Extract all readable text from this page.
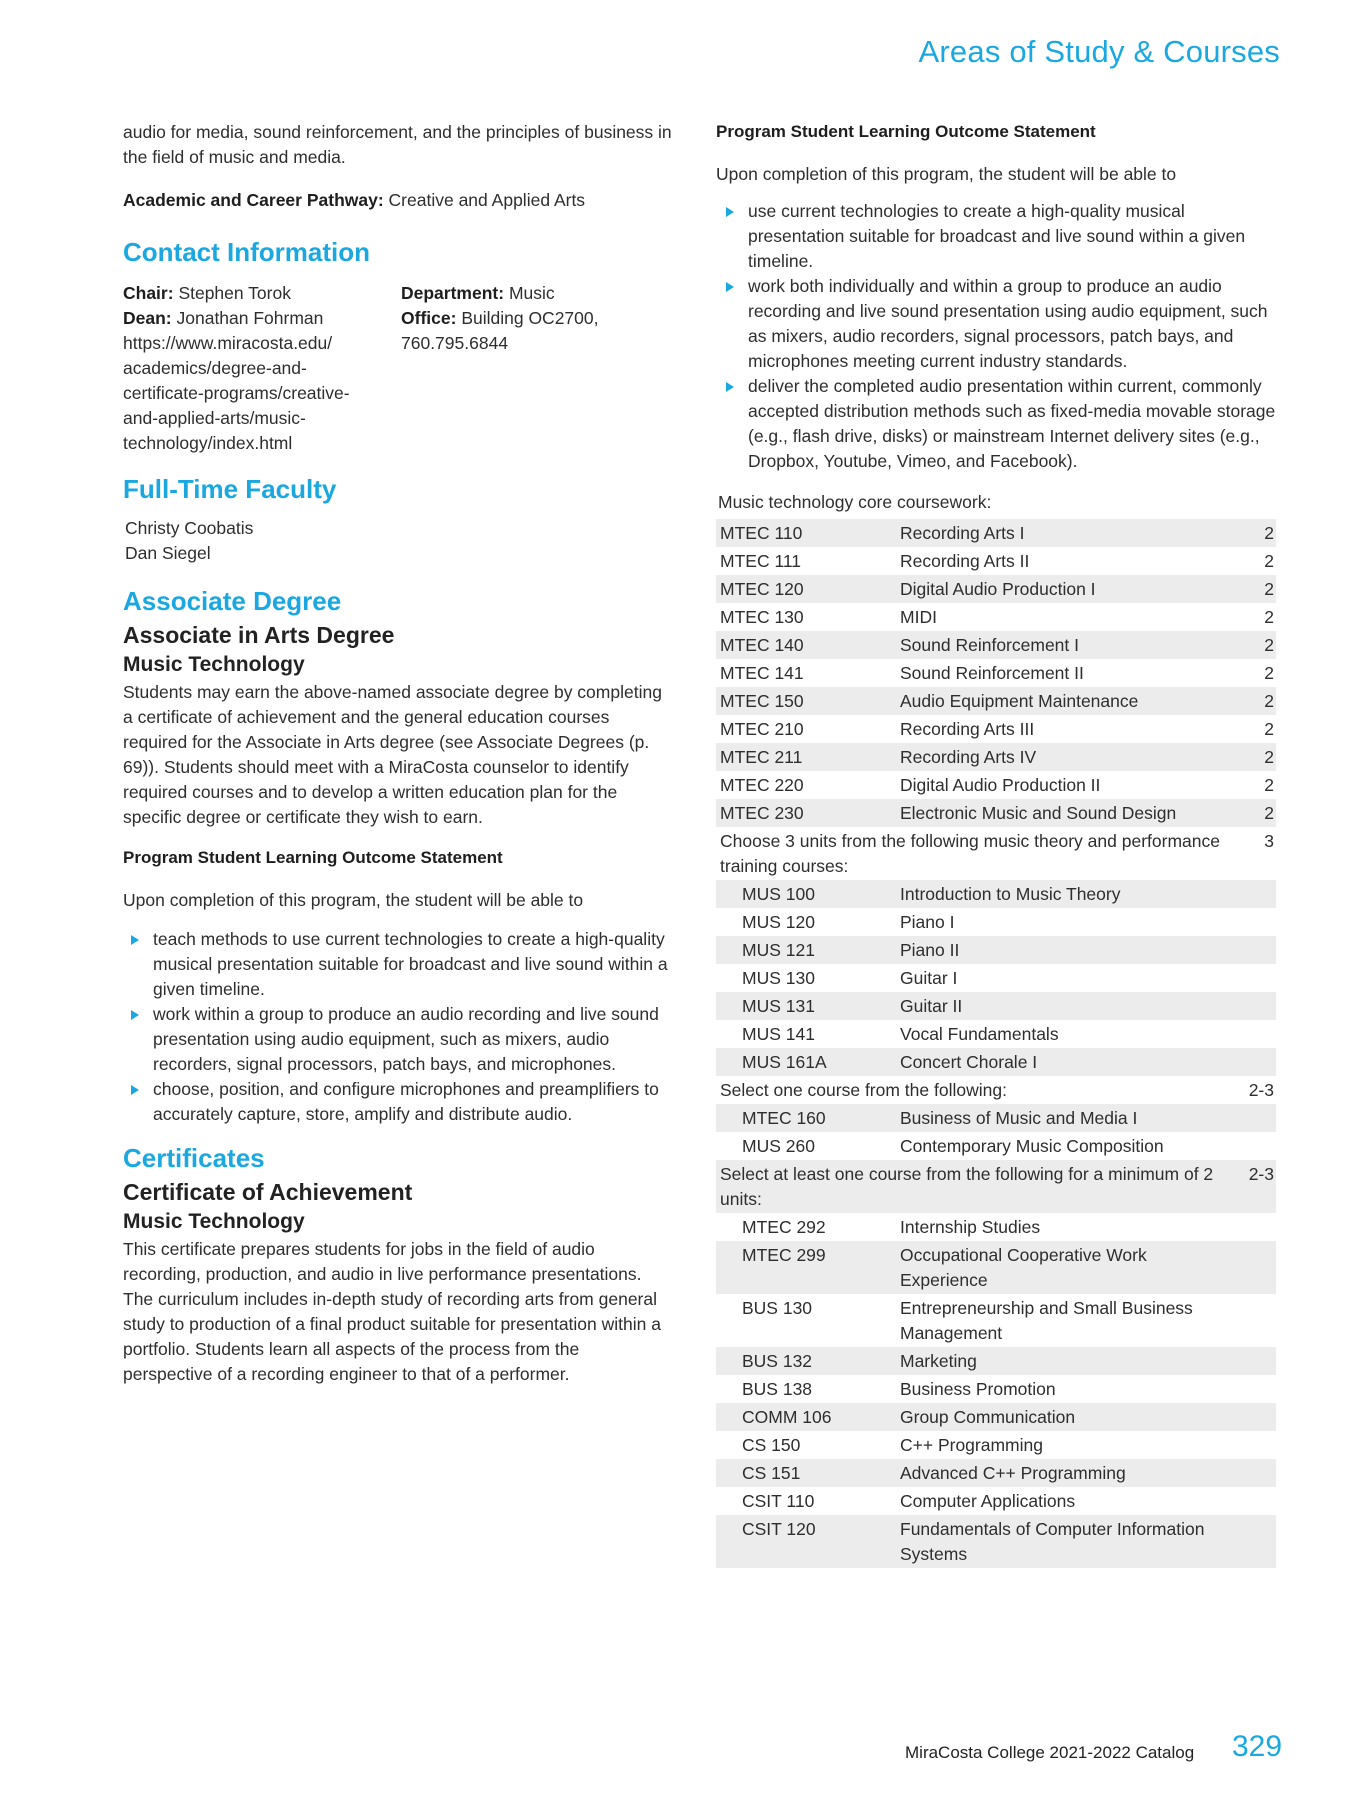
Areas of Study & Courses

audio for media, sound reinforcement, and the principles of business in the field of music and media.

Academic and Career Pathway: Creative and Applied Arts

Contact Information
Chair: Stephen Torok
Dean: Jonathan Fohrman
https://www.miracosta.edu/
academics/degree-and-
certificate-programs/creative-
and-applied-arts/music-
technology/index.html
Department: Music
Office: Building OC2700,
760.795.6844
Full-Time Faculty
Christy Coobatis
Dan Siegel
Associate Degree
Associate in Arts Degree
Music Technology

Students may earn the above-named associate degree by completing a certificate of achievement and the general education courses required for the Associate in Arts degree (see Associate Degrees (p. 69)). Students should meet with a MiraCosta counselor to identify required courses and to develop a written education plan for the specific degree or certificate they wish to earn.

Program Student Learning Outcome Statement

Upon completion of this program, the student will be able to

teach methods to use current technologies to create a high-quality musical presentation suitable for broadcast and live sound within a given timeline.
work within a group to produce an audio recording and live sound presentation using audio equipment, such as mixers, audio recorders, signal processors, patch bays, and microphones.
choose, position, and configure microphones and preamplifiers to accurately capture, store, amplify and distribute audio.
Certificates
Certificate of Achievement
Music Technology

This certificate prepares students for jobs in the field of audio recording, production, and audio in live performance presentations. The curriculum includes in-depth study of recording arts from general study to production of a final product suitable for presentation within a portfolio. Students learn all aspects of the process from the perspective of a recording engineer to that of a performer.

Program Student Learning Outcome Statement

Upon completion of this program, the student will be able to

use current technologies to create a high-quality musical presentation suitable for broadcast and live sound within a given timeline.
work both individually and within a group to produce an audio recording and live sound presentation using audio equipment, such as mixers, audio recorders, signal processors, patch bays, and microphones meeting current industry standards.
deliver the completed audio presentation within current, commonly accepted distribution methods such as fixed-media movable storage (e.g., flash drive, disks) or mainstream Internet delivery sites (e.g., Dropbox, Youtube, Vimeo, and Facebook).

Music technology core coursework:

MTEC 110	Recording Arts I	2
MTEC 111	Recording Arts II	2
MTEC 120	Digital Audio Production I	2
MTEC 130	MIDI	2
MTEC 140	Sound Reinforcement I	2
MTEC 141	Sound Reinforcement II	2
MTEC 150	Audio Equipment Maintenance	2
MTEC 210	Recording Arts III	2
MTEC 211	Recording Arts IV	2
MTEC 220	Digital Audio Production II	2
MTEC 230	Electronic Music and Sound Design	2
Choose 3 units from the following music theory and performance training courses:		3
MUS 100	Introduction to Music Theory	
MUS 120	Piano I	
MUS 121	Piano II	
MUS 130	Guitar I	
MUS 131	Guitar II	
MUS 141	Vocal Fundamentals	
MUS 161A	Concert Chorale I	
Select one course from the following:		2-3
MTEC 160	Business of Music and Media I	
MUS 260	Contemporary Music Composition	
Select at least one course from the following for a minimum of 2 units:		2-3
MTEC 292	Internship Studies	
MTEC 299	Occupational Cooperative Work Experience	
BUS 130	Entrepreneurship and Small Business Management	
BUS 132	Marketing	
BUS 138	Business Promotion	
COMM 106	Group Communication	
CS 150	C++ Programming	
CS 151	Advanced C++ Programming	
CSIT 110	Computer Applications	
CSIT 120	Fundamentals of Computer Information Systems	
MiraCosta College 2021-2022 Catalog 329
